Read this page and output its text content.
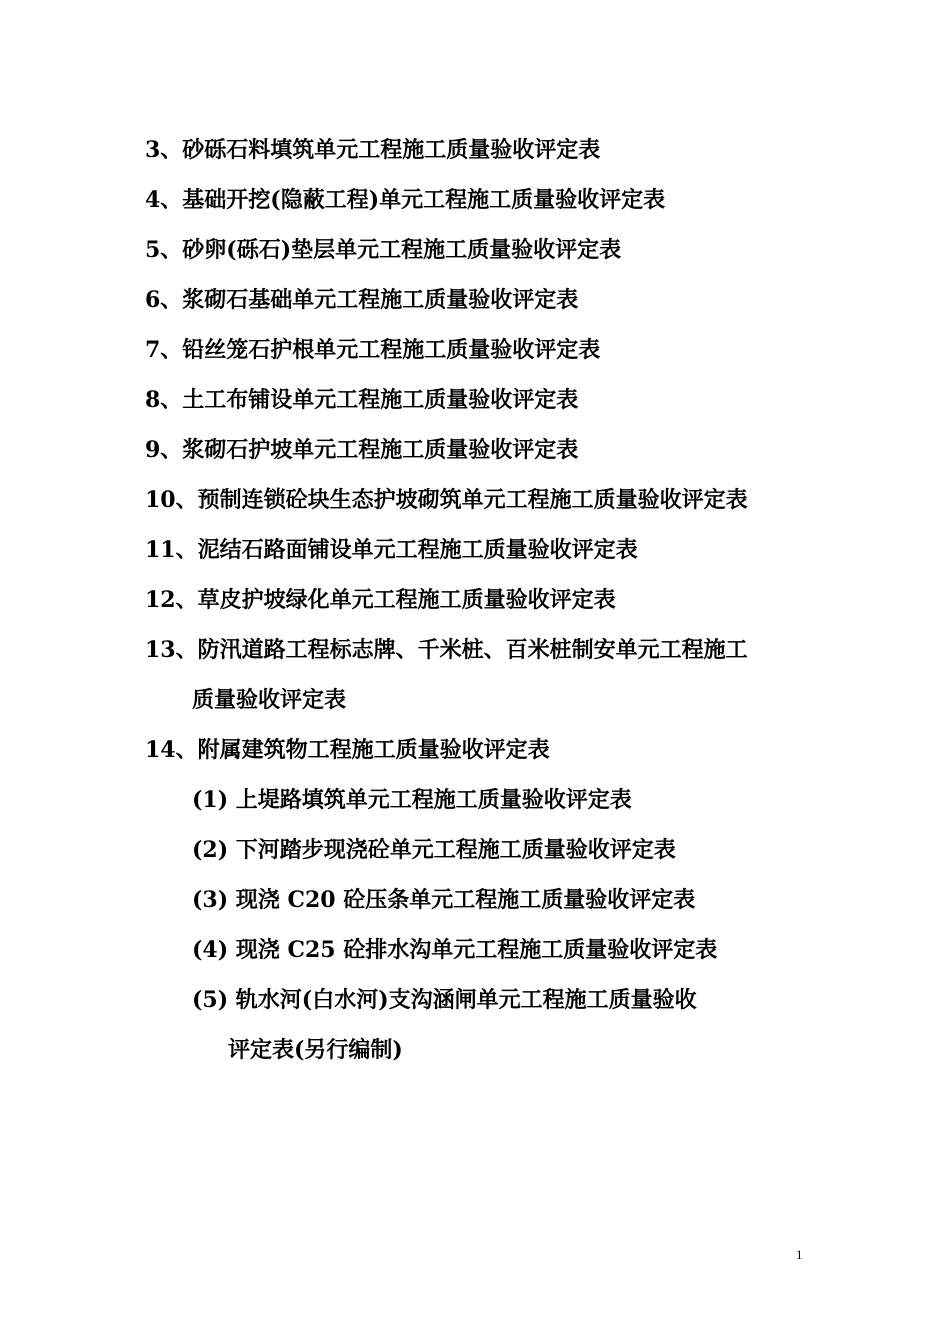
3、砂砾石料填筑单元工程施工质量验收评定表
4、基础开挖(隐蔽工程)单元工程施工质量验收评定表
5、砂卵(砾石)垫层单元工程施工质量验收评定表
6、浆砌石基础单元工程施工质量验收评定表
7、铅丝笼石护根单元工程施工质量验收评定表
8、土工布铺设单元工程施工质量验收评定表
9、浆砌石护坡单元工程施工质量验收评定表
10、预制连锁砼块生态护坡砌筑单元工程施工质量验收评定表
11、泥结石路面铺设单元工程施工质量验收评定表
12、草皮护坡绿化单元工程施工质量验收评定表
13、防汛道路工程标志牌、千米桩、百米桩制安单元工程施工
质量验收评定表
14、附属建筑物工程施工质量验收评定表
(1) 上堤路填筑单元工程施工质量验收评定表
(2) 下河踏步现浇砼单元工程施工质量验收评定表
(3) 现浇 C20 砼压条单元工程施工质量验收评定表
(4) 现浇 C25 砼排水沟单元工程施工质量验收评定表
(5) 轨水河(白水河)支沟涵闸单元工程施工质量验收
评定表(另行编制)
1
